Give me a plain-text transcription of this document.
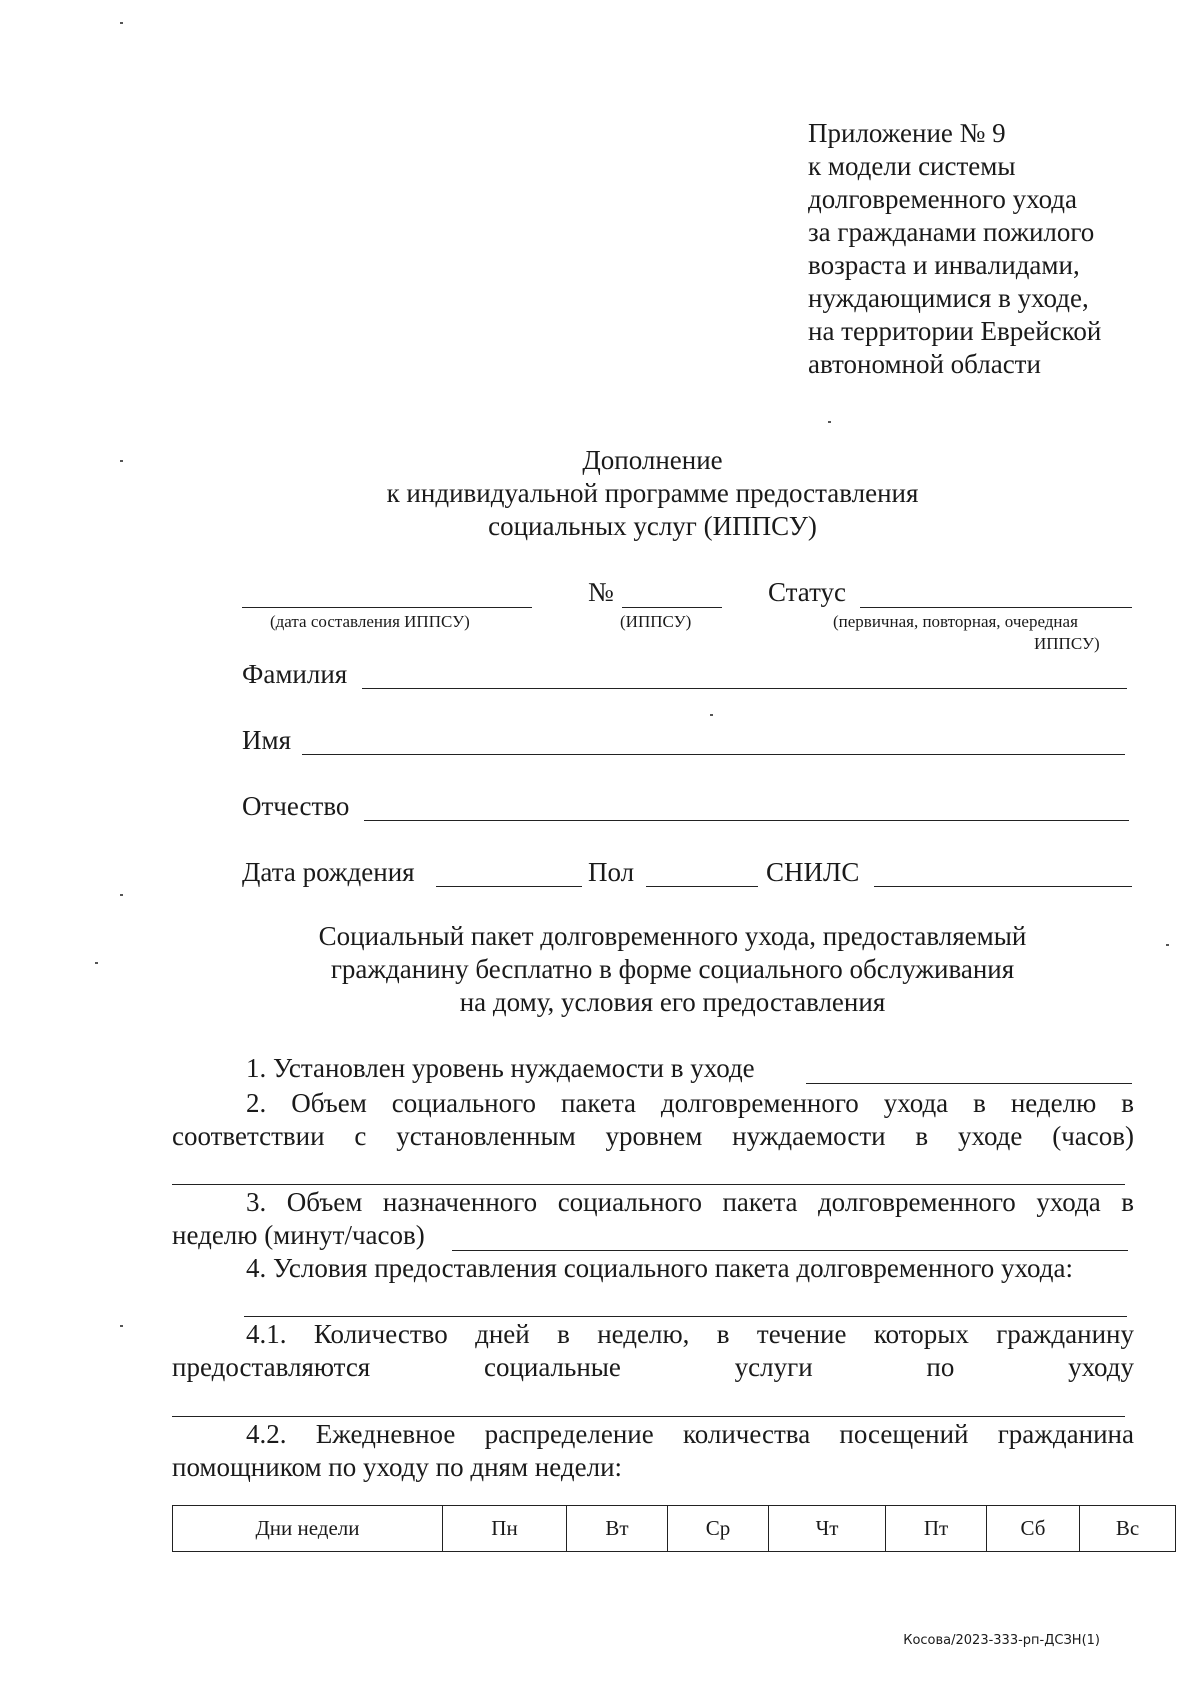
Приложение № 9
к модели системы
долговременного ухода
за гражданами пожилого
возраста и инвалидами,
нуждающимися в уходе,
на территории Еврейской
автономной области
Дополнение
к индивидуальной программе предоставления
социальных услуг (ИППСУ)
№	Статус
(дата составления ИППСУ)	(ИППСУ)	(первичная, повторная, очередная
ИППСУ)
Фамилия
Имя
Отчество
Дата рождения	Пол	СНИЛС
Социальный пакет долговременного ухода, предоставляемый
гражданину бесплатно в форме социального обслуживания
на дому, условия его предоставления
1. Установлен уровень нуждаемости в уходе
2. Объем социального пакета долговременного ухода в неделю в
соответствии с установленным уровнем нуждаемости в уходе (часов)
3. Объем назначенного социального пакета долговременного ухода в
неделю (минут/часов)
4. Условия предоставления социального пакета долговременного ухода:
4.1. Количество дней в неделю, в течение которых гражданину
предоставляются социальные услуги по уходу
4.2. Ежедневное распределение количества посещений гражданина
помощником по уходу по дням недели:
Дни недели	Пн	Вт	Ср	Чт	Пт	Сб	Вс
Косова/2023-333-рп-ДСЗН(1)
